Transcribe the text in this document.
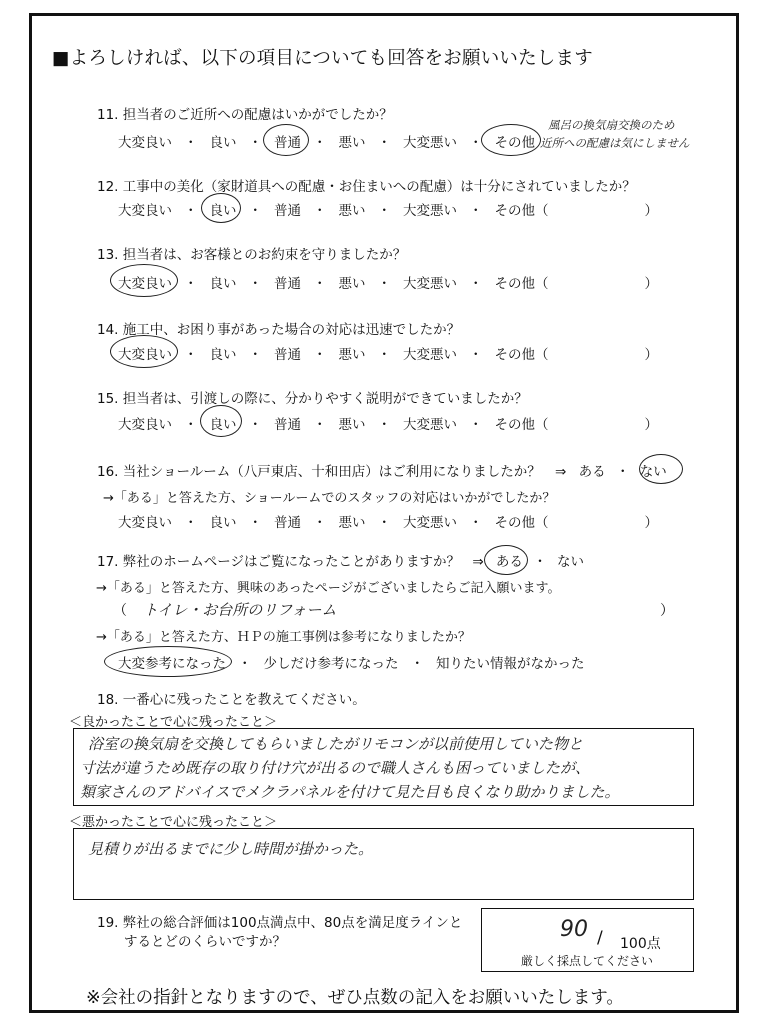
■よろしければ、以下の項目についても回答をお願いいたします
11. 担当者のご近所への配慮はいかがでしたか？
大変良い ・ 良い ・ 普通 ・ 悪い ・ 大変悪い ・ その他
風呂の換気扇交換のため
近所への配慮は気にしません
12. 工事中の美化（家財道具への配慮・お住まいへの配慮）は十分にされていましたか？
大変良い ・ 良い ・ 普通 ・ 悪い ・ 大変悪い ・ その他（	）
13. 担当者は、お客様とのお約束を守りましたか？
大変良い ・ 良い ・ 普通 ・ 悪い ・ 大変悪い ・ その他（	）
14. 施工中、お困り事があった場合の対応は迅速でしたか？
大変良い ・ 良い ・ 普通 ・ 悪い ・ 大変悪い ・ その他（	）
15. 担当者は、引渡しの際に、分かりやすく説明ができていましたか？
大変良い ・ 良い ・ 普通 ・ 悪い ・ 大変悪い ・ その他（	）
16. 当社ショールーム（八戸東店、十和田店）はご利用になりましたか？ ⇒ ある ・ ない
→「ある」と答えた方、ショールームでのスタッフの対応はいかがでしたか？
大変良い ・ 良い ・ 普通 ・ 悪い ・ 大変悪い ・ その他（	）
17. 弊社のホームページはご覧になったことがありますか？ ⇒ ある ・ ない
→「ある」と答えた方、興味のあったページがございましたらご記入願います。
（ トイレ・お台所のリフォーム	）
→「ある」と答えた方、ＨＰの施工事例は参考になりましたか？
大変参考になった ・ 少しだけ参考になった ・ 知りたい情報がなかった
18. 一番心に残ったことを教えてください。
＜良かったことで心に残ったこと＞
浴室の換気扇を交換してもらいましたがリモコンが以前使用していた物と
寸法が違うため既存の取り付け穴が出るので職人さんも困っていましたが、
類家さんのアドバイスでメクラパネルを付けて見た目も良くなり助かりました。
＜悪かったことで心に残ったこと＞
見積りが出るまでに少し時間が掛かった。
19. 弊社の総合評価は100点満点中、80点を満足度ラインと
するとどのくらいですか？	90 / 100点
厳しく採点してください
※会社の指針となりますので、ぜひ点数の記入をお願いいたします。
